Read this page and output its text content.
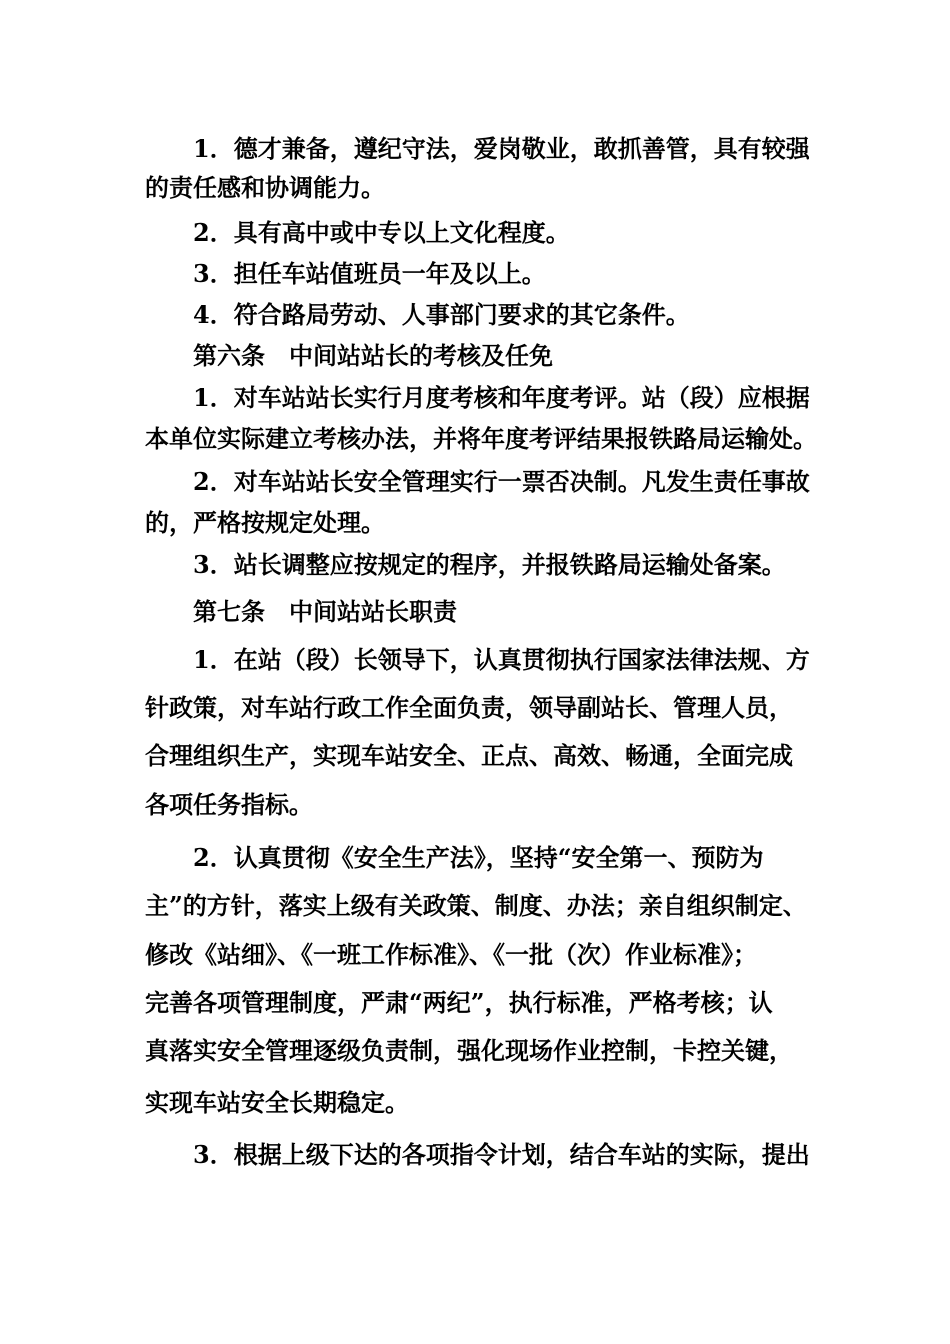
1．德才兼备，遵纪守法，爱岗敬业，敢抓善管，具有较强
的责任感和协调能力。
2．具有高中或中专以上文化程度。
3．担任车站值班员一年及以上。
4．符合路局劳动、人事部门要求的其它条件。
第六条　中间站站长的考核及任免
1．对车站站长实行月度考核和年度考评。站（段）应根据
本单位实际建立考核办法，并将年度考评结果报铁路局运输处。
2．对车站站长安全管理实行一票否决制。凡发生责任事故
的，严格按规定处理。
3．站长调整应按规定的程序，并报铁路局运输处备案。
第七条　中间站站长职责
1．在站（段）长领导下，认真贯彻执行国家法律法规、方
针政策，对车站行政工作全面负责，领导副站长、管理人员，
合理组织生产，实现车站安全、正点、高效、畅通，全面完成
各项任务指标。
2．认真贯彻《安全生产法》，坚持“安全第一、预防为
主”的方针，落实上级有关政策、制度、办法；亲自组织制定、
修改《站细》、《一班工作标准》、《一批（次）作业标准》；
完善各项管理制度，严肃“两纪”，执行标准，严格考核；认
真落实安全管理逐级负责制，强化现场作业控制，卡控关键，
实现车站安全长期稳定。
3．根据上级下达的各项指令计划，结合车站的实际，提出
